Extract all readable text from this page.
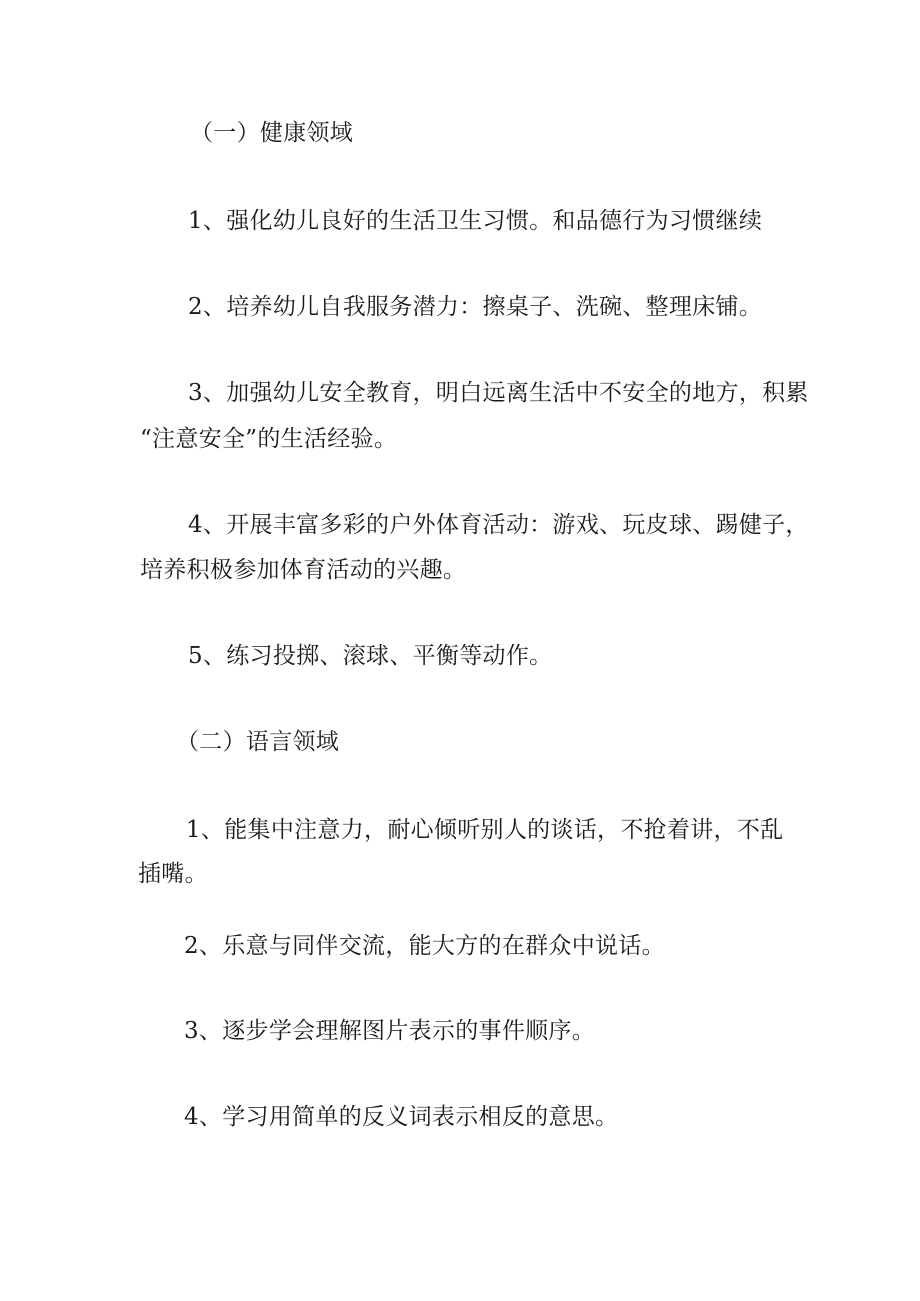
（一）健康领域
1、强化幼儿良好的生活卫生习惯。和品德行为习惯继续
2、培养幼儿自我服务潜力：擦桌子、洗碗、整理床铺。
3、加强幼儿安全教育，明白远离生活中不安全的地方，积累
“注意安全”的生活经验。
4、开展丰富多彩的户外体育活动：游戏、玩皮球、踢健子，
培养积极参加体育活动的兴趣。
5、练习投掷、滚球、平衡等动作。
（二）语言领域
1、能集中注意力，耐心倾听别人的谈话，不抢着讲，不乱
插嘴。
2、乐意与同伴交流，能大方的在群众中说话。
3、逐步学会理解图片表示的事件顺序。
4、学习用简单的反义词表示相反的意思。
